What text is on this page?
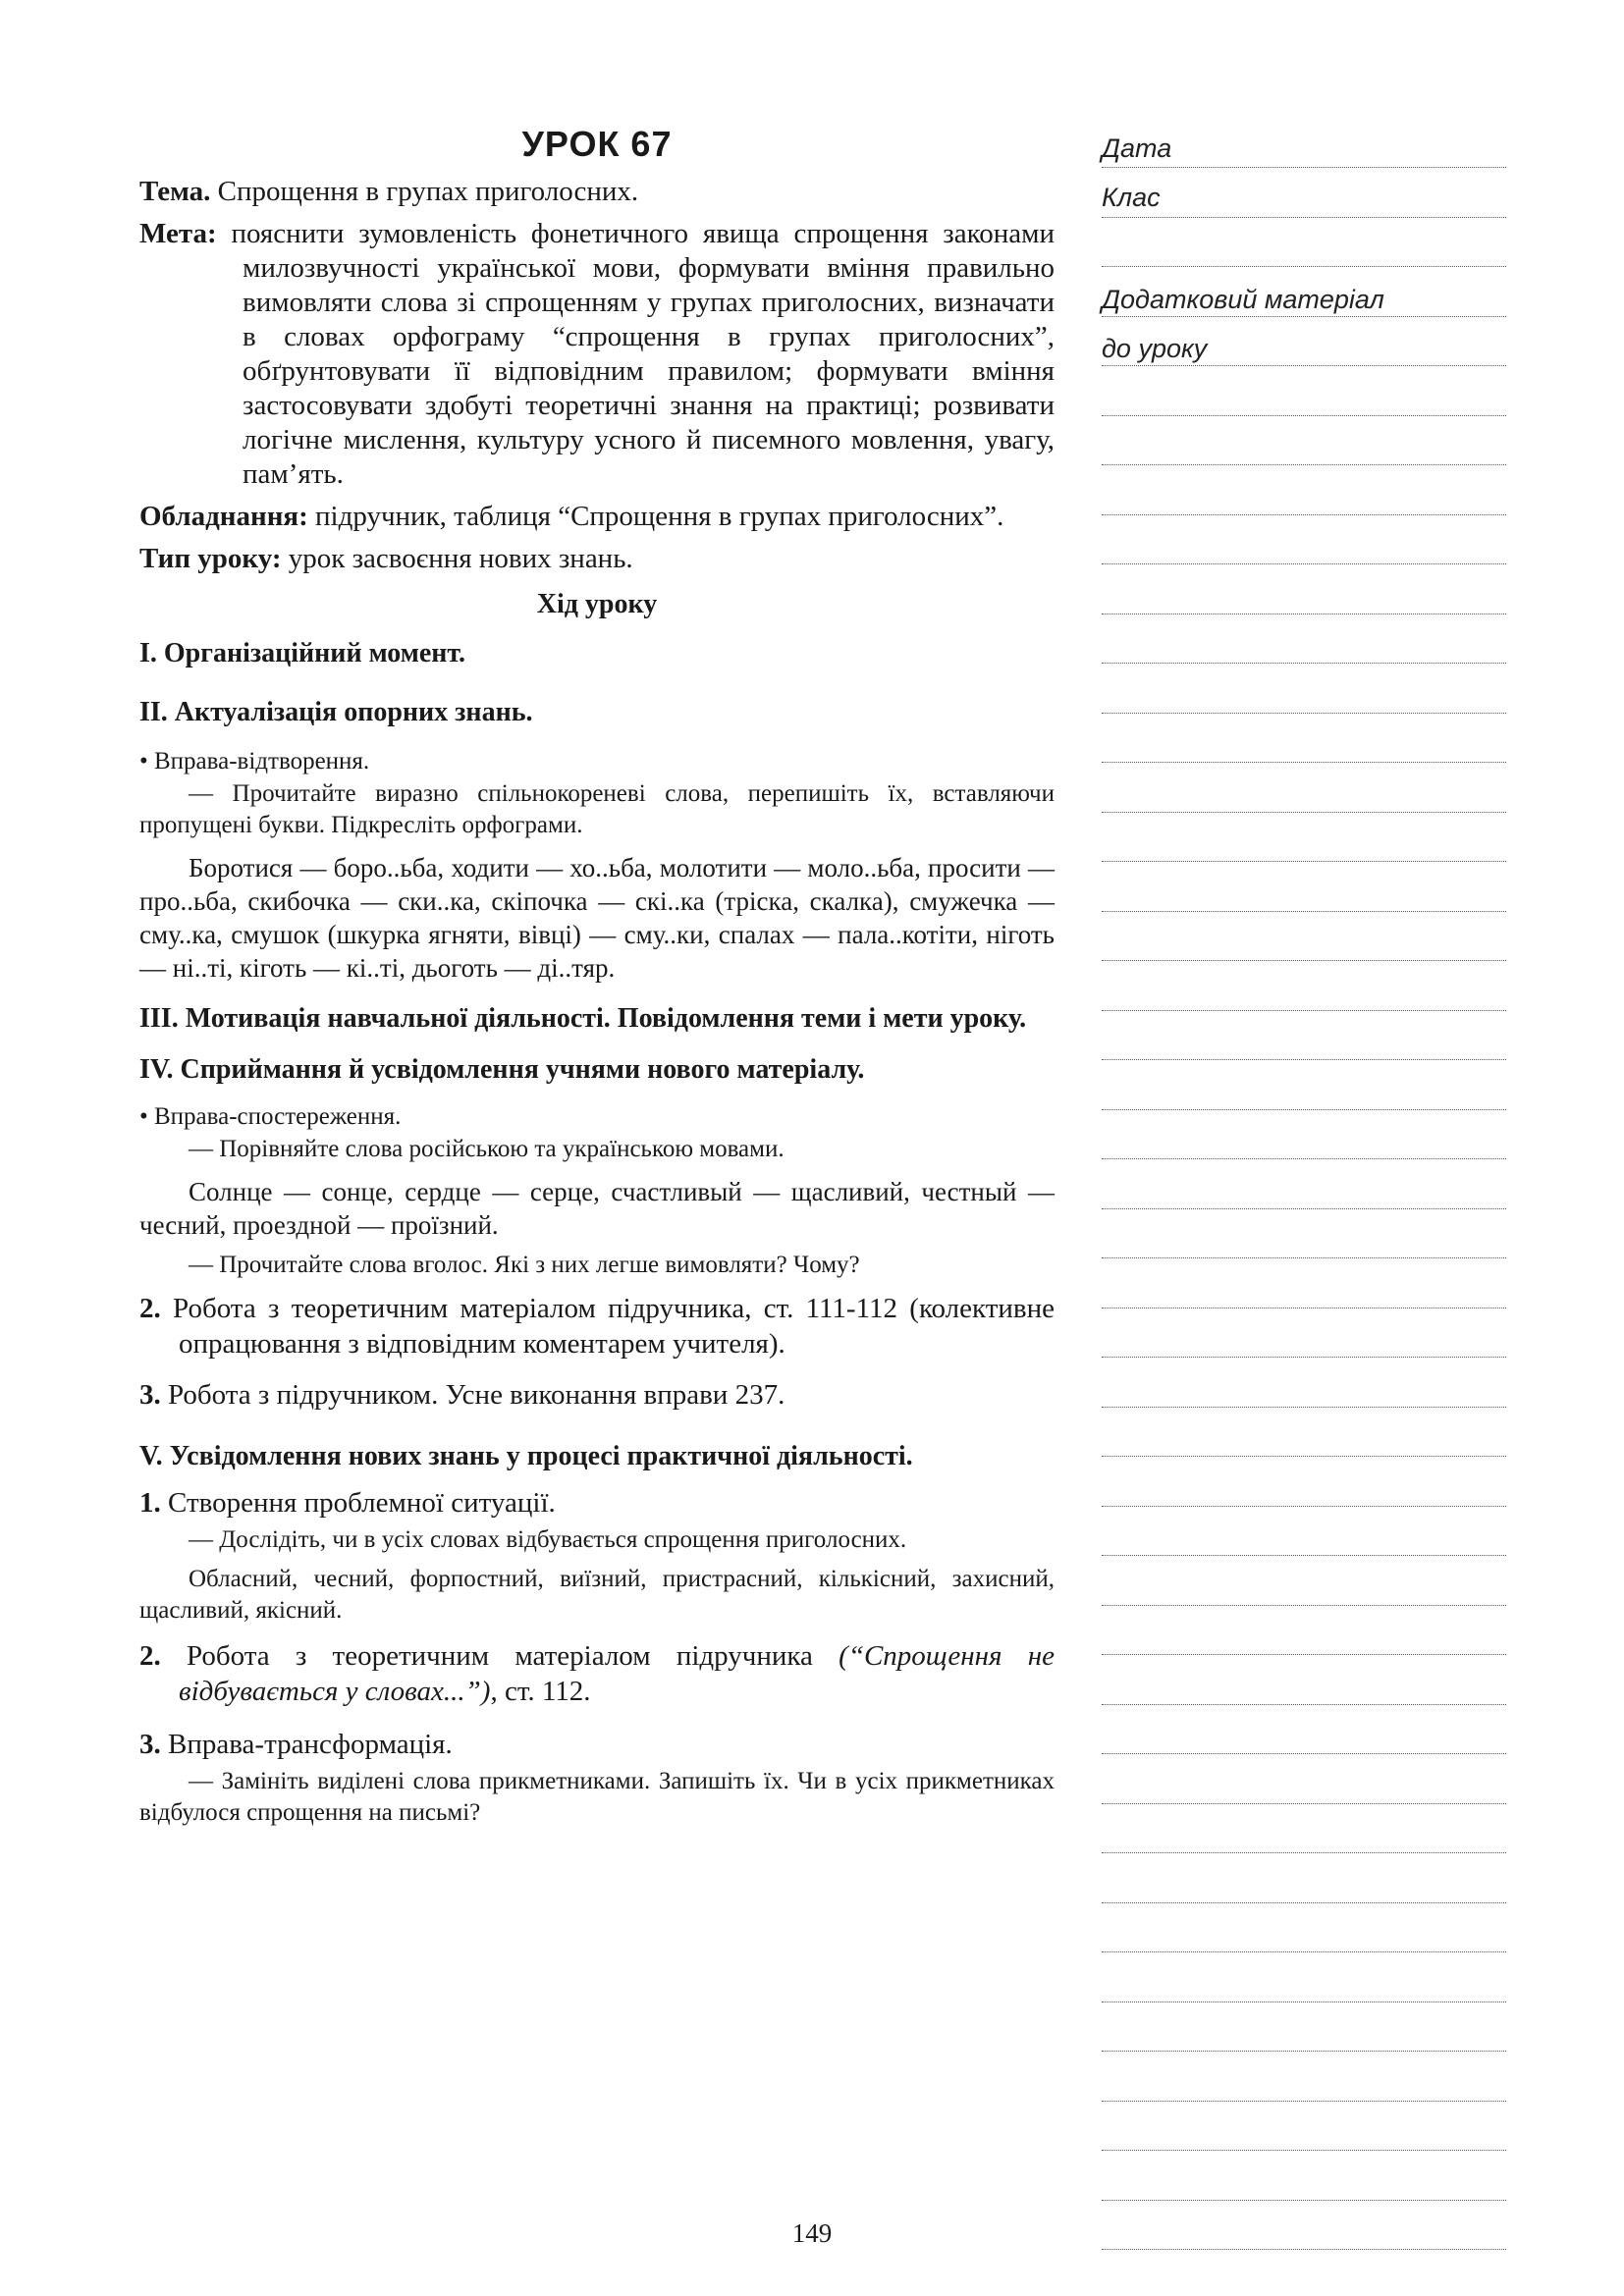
УРОК 67

Тема. Спрощення в групах приголосних.

Мета: пояснити зумовленість фонетичного явища спрощення законами милозвучності української мови, формувати вміння правильно вимовляти слова зі спрощенням у групах приголосних, визначати в словах орфограму “спрощення в групах приголосних”, обґрунтовувати її відповідним правилом; формувати вміння застосовувати здобуті теоретичні знання на практиці; розвивати логічне мислення, культуру усного й писемного мовлення, увагу, пам’ять.

Обладнання: підручник, таблиця “Спрощення в групах приголосних”.

Тип уроку: урок засвоєння нових знань.

Хід уроку

I. Організаційний момент.

II. Актуалізація опорних знань.

• Вправа-відтворення.

— Прочитайте виразно спільнокореневі слова, перепишіть їх, вставляючи пропущені букви. Підкресліть орфограми.

Боротися — боро..ьба, ходити — хо..ьба, молотити — моло..ьба, просити — про..ьба, скибочка — ски..ка, скіпочка — скі..ка (тріска, скалка), смужечка — сму..ка, смушок (шкурка ягняти, вівці) — сму..ки, спалах — пала..котіти, ніготь — ні..ті, кіготь — кі..ті, дьоготь — ді..тяр.

III. Мотивація навчальної діяльності. Повідомлення теми і мети уроку.

IV. Сприймання й усвідомлення учнями нового матеріалу.

• Вправа-спостереження.

— Порівняйте слова російською та українською мовами.

Солнце — сонце, сердце — серце, счастливый — щасливий, честный — чесний, проездной — проїзний.

— Прочитайте слова вголос. Які з них легше вимовляти? Чому?

2. Робота з теоретичним матеріалом підручника, ст. 111-112 (колективне опрацювання з відповідним коментарем учителя).

3. Робота з підручником. Усне виконання вправи 237.

V. Усвідомлення нових знань у процесі практичної діяльності.

1. Створення проблемної ситуації.

— Дослідіть, чи в усіх словах відбувається спрощення приголосних.

Обласний, чесний, форпостний, виїзний, пристрасний, кількісний, захисний, щасливий, якісний.

2. Робота з теоретичним матеріалом підручника (“Спрощення не відбувається у словах...”), ст. 112.

3. Вправа-трансформація.

— Замініть виділені слова прикметниками. Запишіть їх. Чи в усіх прикметниках відбулося спрощення на письмі?

Дата
Клас
Додатковий матеріал
до уроку
149
